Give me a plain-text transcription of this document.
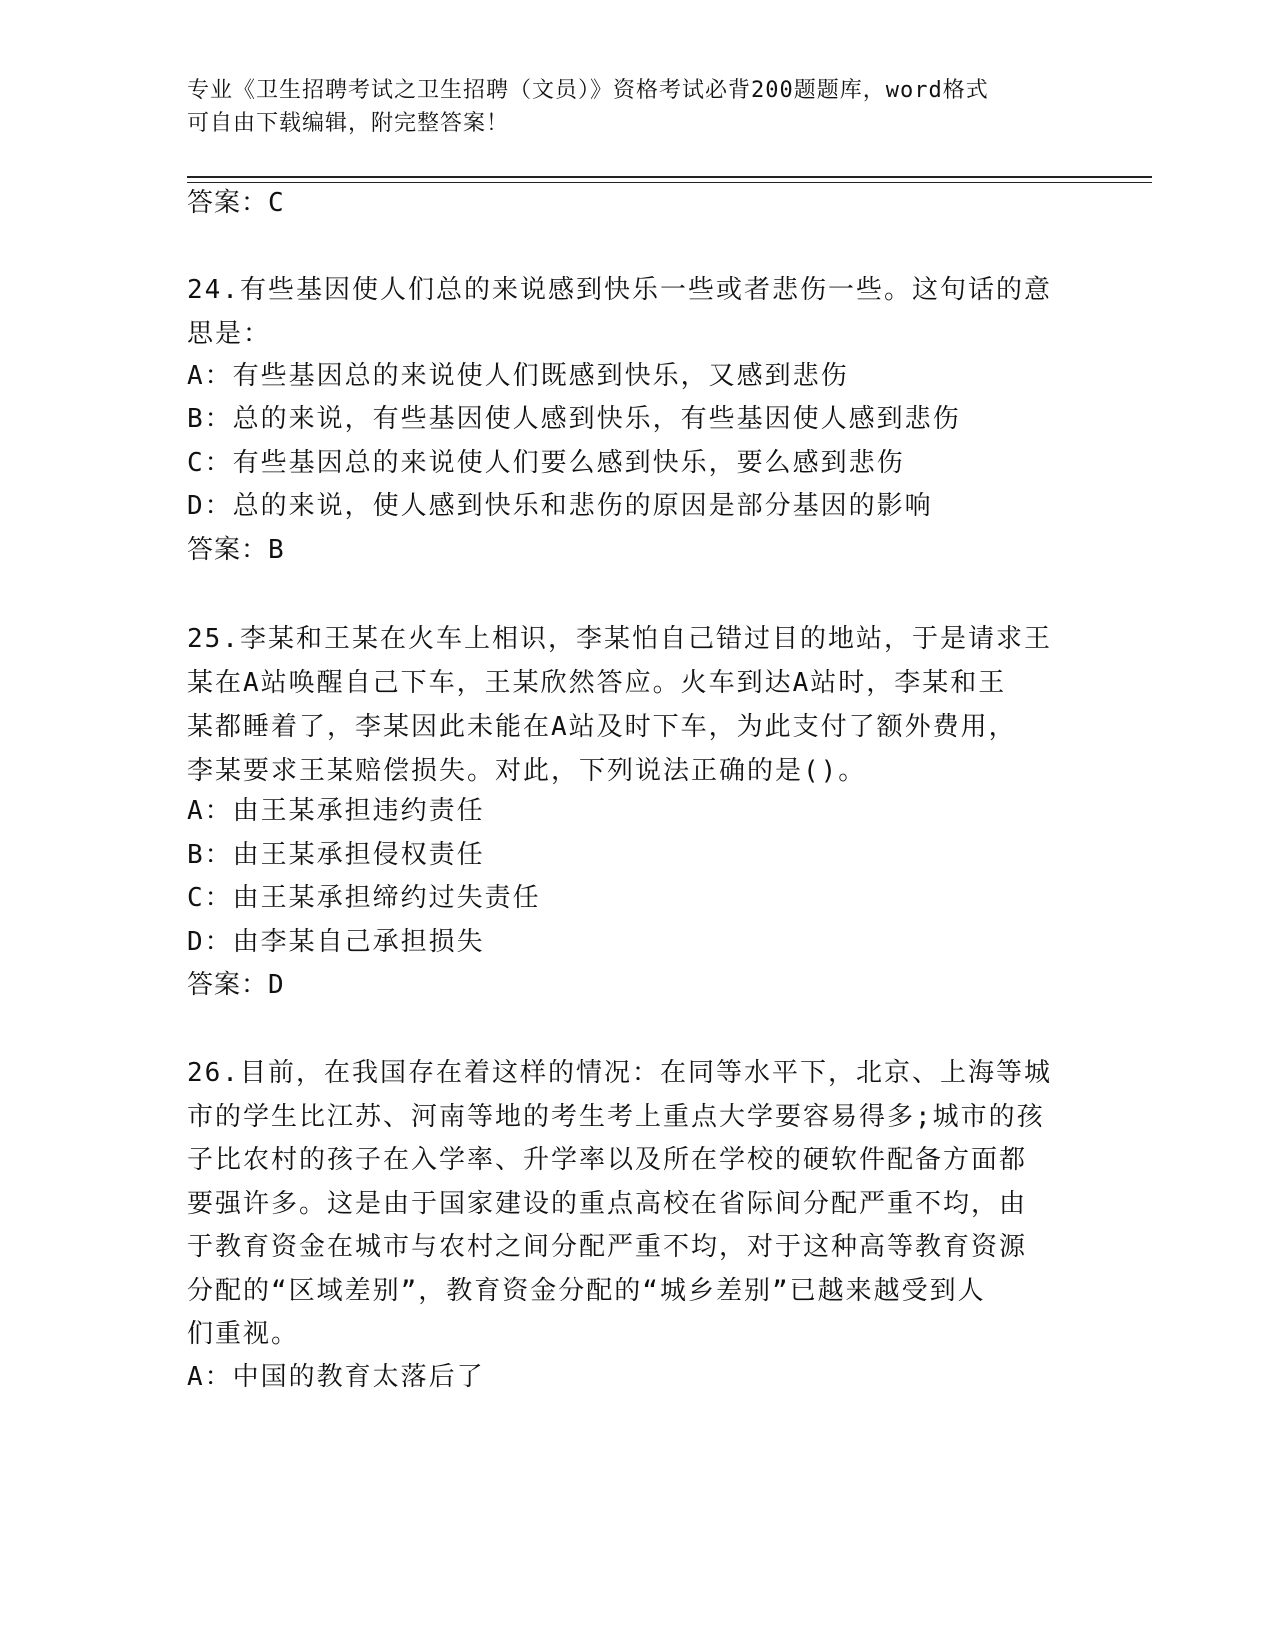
专业《卫生招聘考试之卫生招聘（文员）》资格考试必背200题题库，word格式
可自由下载编辑，附完整答案！
答案：C
24.有些基因使人们总的来说感到快乐一些或者悲伤一些。这句话的意
思是：
A：有些基因总的来说使人们既感到快乐，又感到悲伤
B：总的来说，有些基因使人感到快乐，有些基因使人感到悲伤
C：有些基因总的来说使人们要么感到快乐，要么感到悲伤
D：总的来说，使人感到快乐和悲伤的原因是部分基因的影响
答案：B
25.李某和王某在火车上相识，李某怕自己错过目的地站，于是请求王
某在A站唤醒自己下车，王某欣然答应。火车到达A站时，李某和王
某都睡着了，李某因此未能在A站及时下车，为此支付了额外费用，
李某要求王某赔偿损失。对此，下列说法正确的是()。
A：由王某承担违约责任
B：由王某承担侵权责任
C：由王某承担缔约过失责任
D：由李某自己承担损失
答案：D
26.目前，在我国存在着这样的情况：在同等水平下，北京、上海等城
市的学生比江苏、河南等地的考生考上重点大学要容易得多;城市的孩
子比农村的孩子在入学率、升学率以及所在学校的硬软件配备方面都
要强许多。这是由于国家建设的重点高校在省际间分配严重不均，由
于教育资金在城市与农村之间分配严重不均，对于这种高等教育资源
分配的“区域差别”，教育资金分配的“城乡差别”已越来越受到人
们重视。
A：中国的教育太落后了
